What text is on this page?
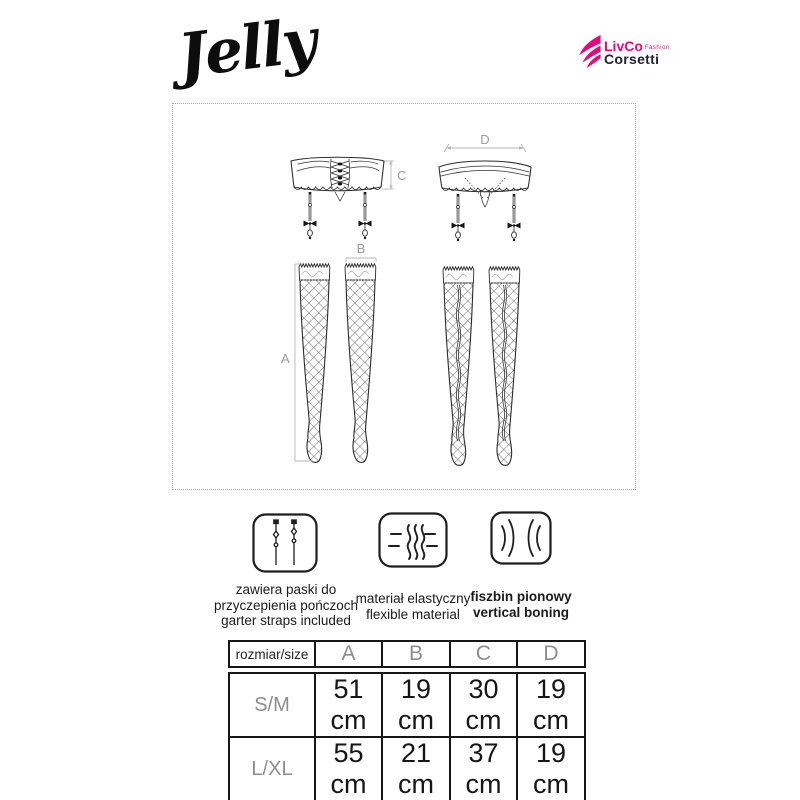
Jelly	LivCo Fashion
Corsetti
C
D
A
B
zawiera paski do
przyczepienia pończoch
garter straps included
materiał elastyczny
flexible material
fiszbin pionowy
vertical boning
rozmiar/size	A	B	C	D
S/M	51 cm	19 cm	30 cm	19 cm
L/XL	55 cm	21 cm	37 cm	19 cm
